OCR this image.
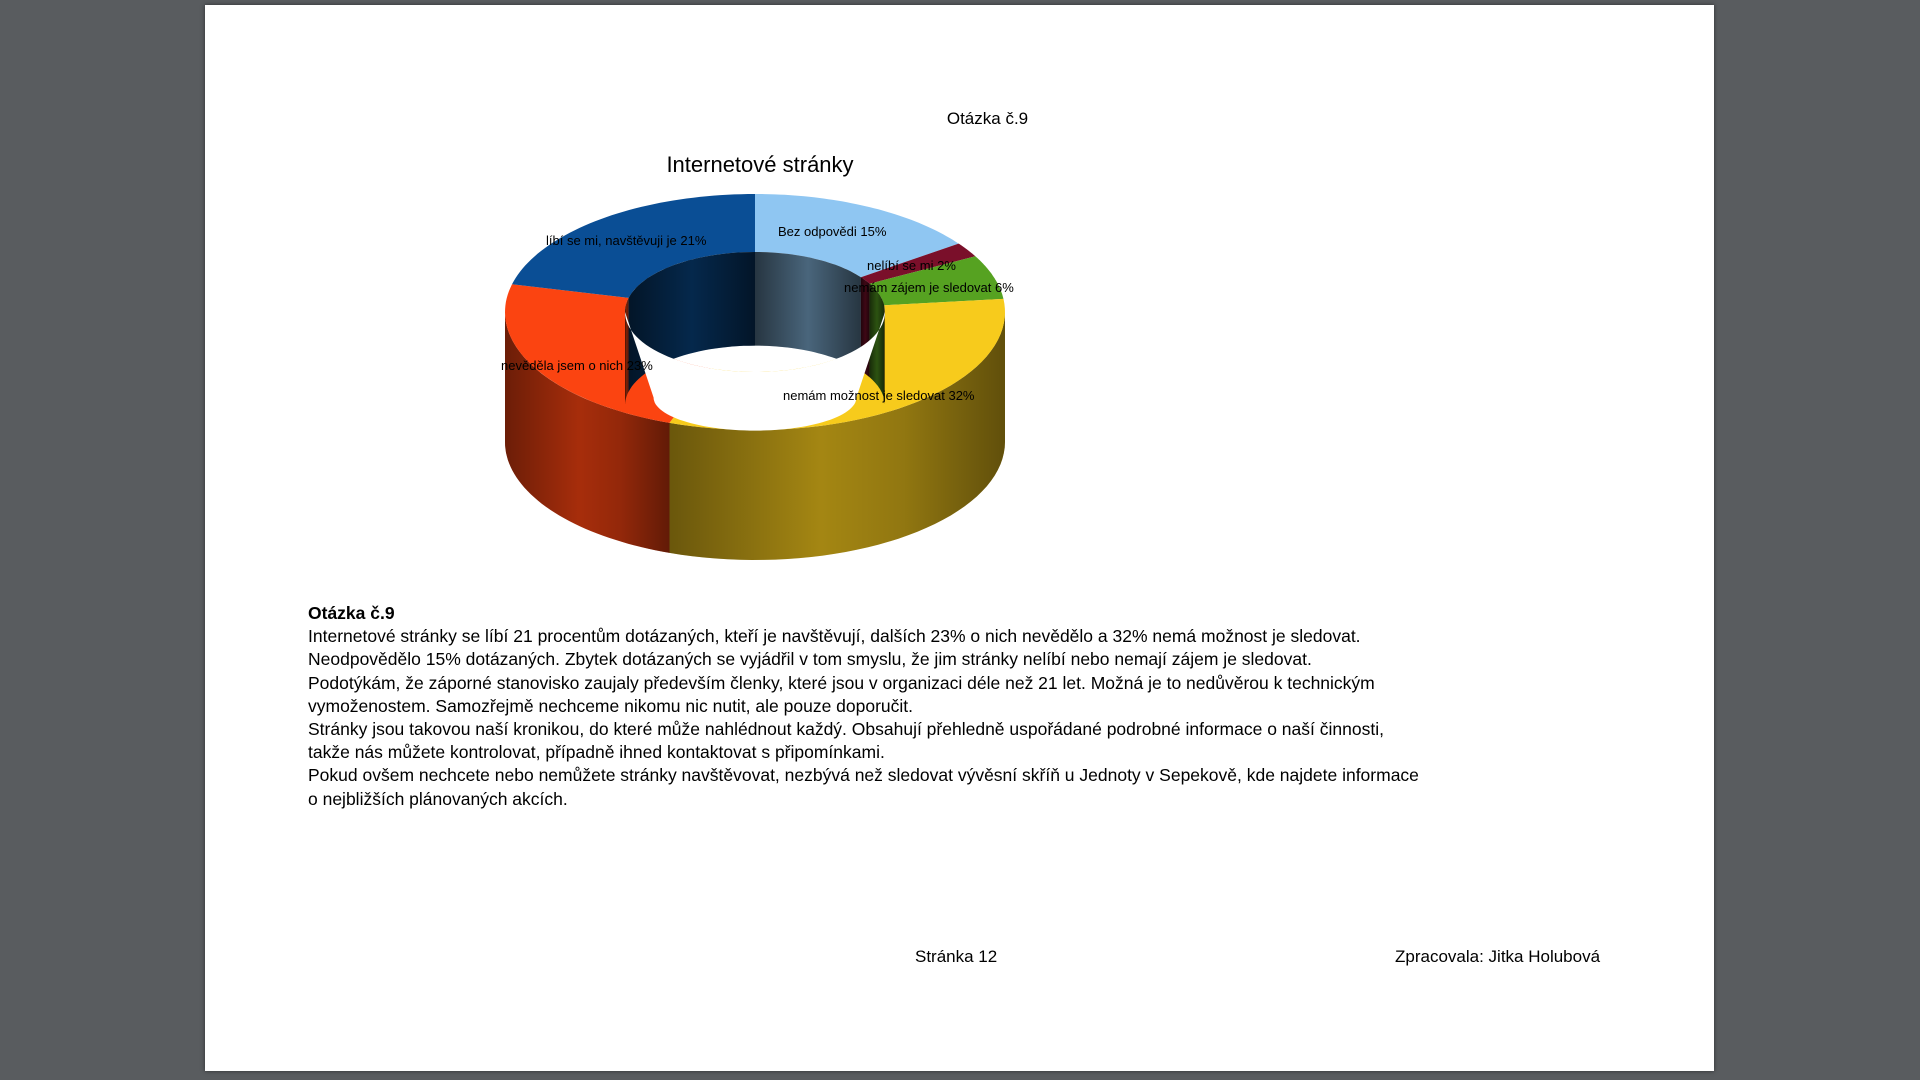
Otázka č.9
Internetové stránky
Bez odpovědi 15%
nelíbí se mi 2%
nemám zájem je sledovat 6%
nemám možnost je sledovat 32%
nevěděla jsem o nich 23%
líbí se mi, navštěvuji je 21%
Otázka č.9

Internetové stránky se líbí 21 procentům dotázaných, kteří je navštěvují, dalších 23% o nich nevědělo a 32% nemá možnost je sledovat.

Neodpovědělo 15% dotázaných. Zbytek dotázaných se vyjádřil v tom smyslu, že jim stránky nelíbí nebo nemají zájem je sledovat.

Podotýkám, že záporné stanovisko zaujaly především členky, které jsou v organizaci déle než 21 let. Možná je to nedůvěrou k technickým

vymoženostem. Samozřejmě nechceme nikomu nic nutit, ale pouze doporučit.

Stránky jsou takovou naší kronikou, do které může nahlédnout každý. Obsahují přehledně uspořádané podrobné informace o naší činnosti,

takže nás můžete kontrolovat, případně ihned kontaktovat s připomínkami.

Pokud ovšem nechcete nebo nemůžete stránky navštěvovat, nezbývá než sledovat vývěsní skříň u Jednoty v Sepekově, kde najdete informace

o nejbližších plánovaných akcích.

Stránka 12	Zpracovala: Jitka Holubová
